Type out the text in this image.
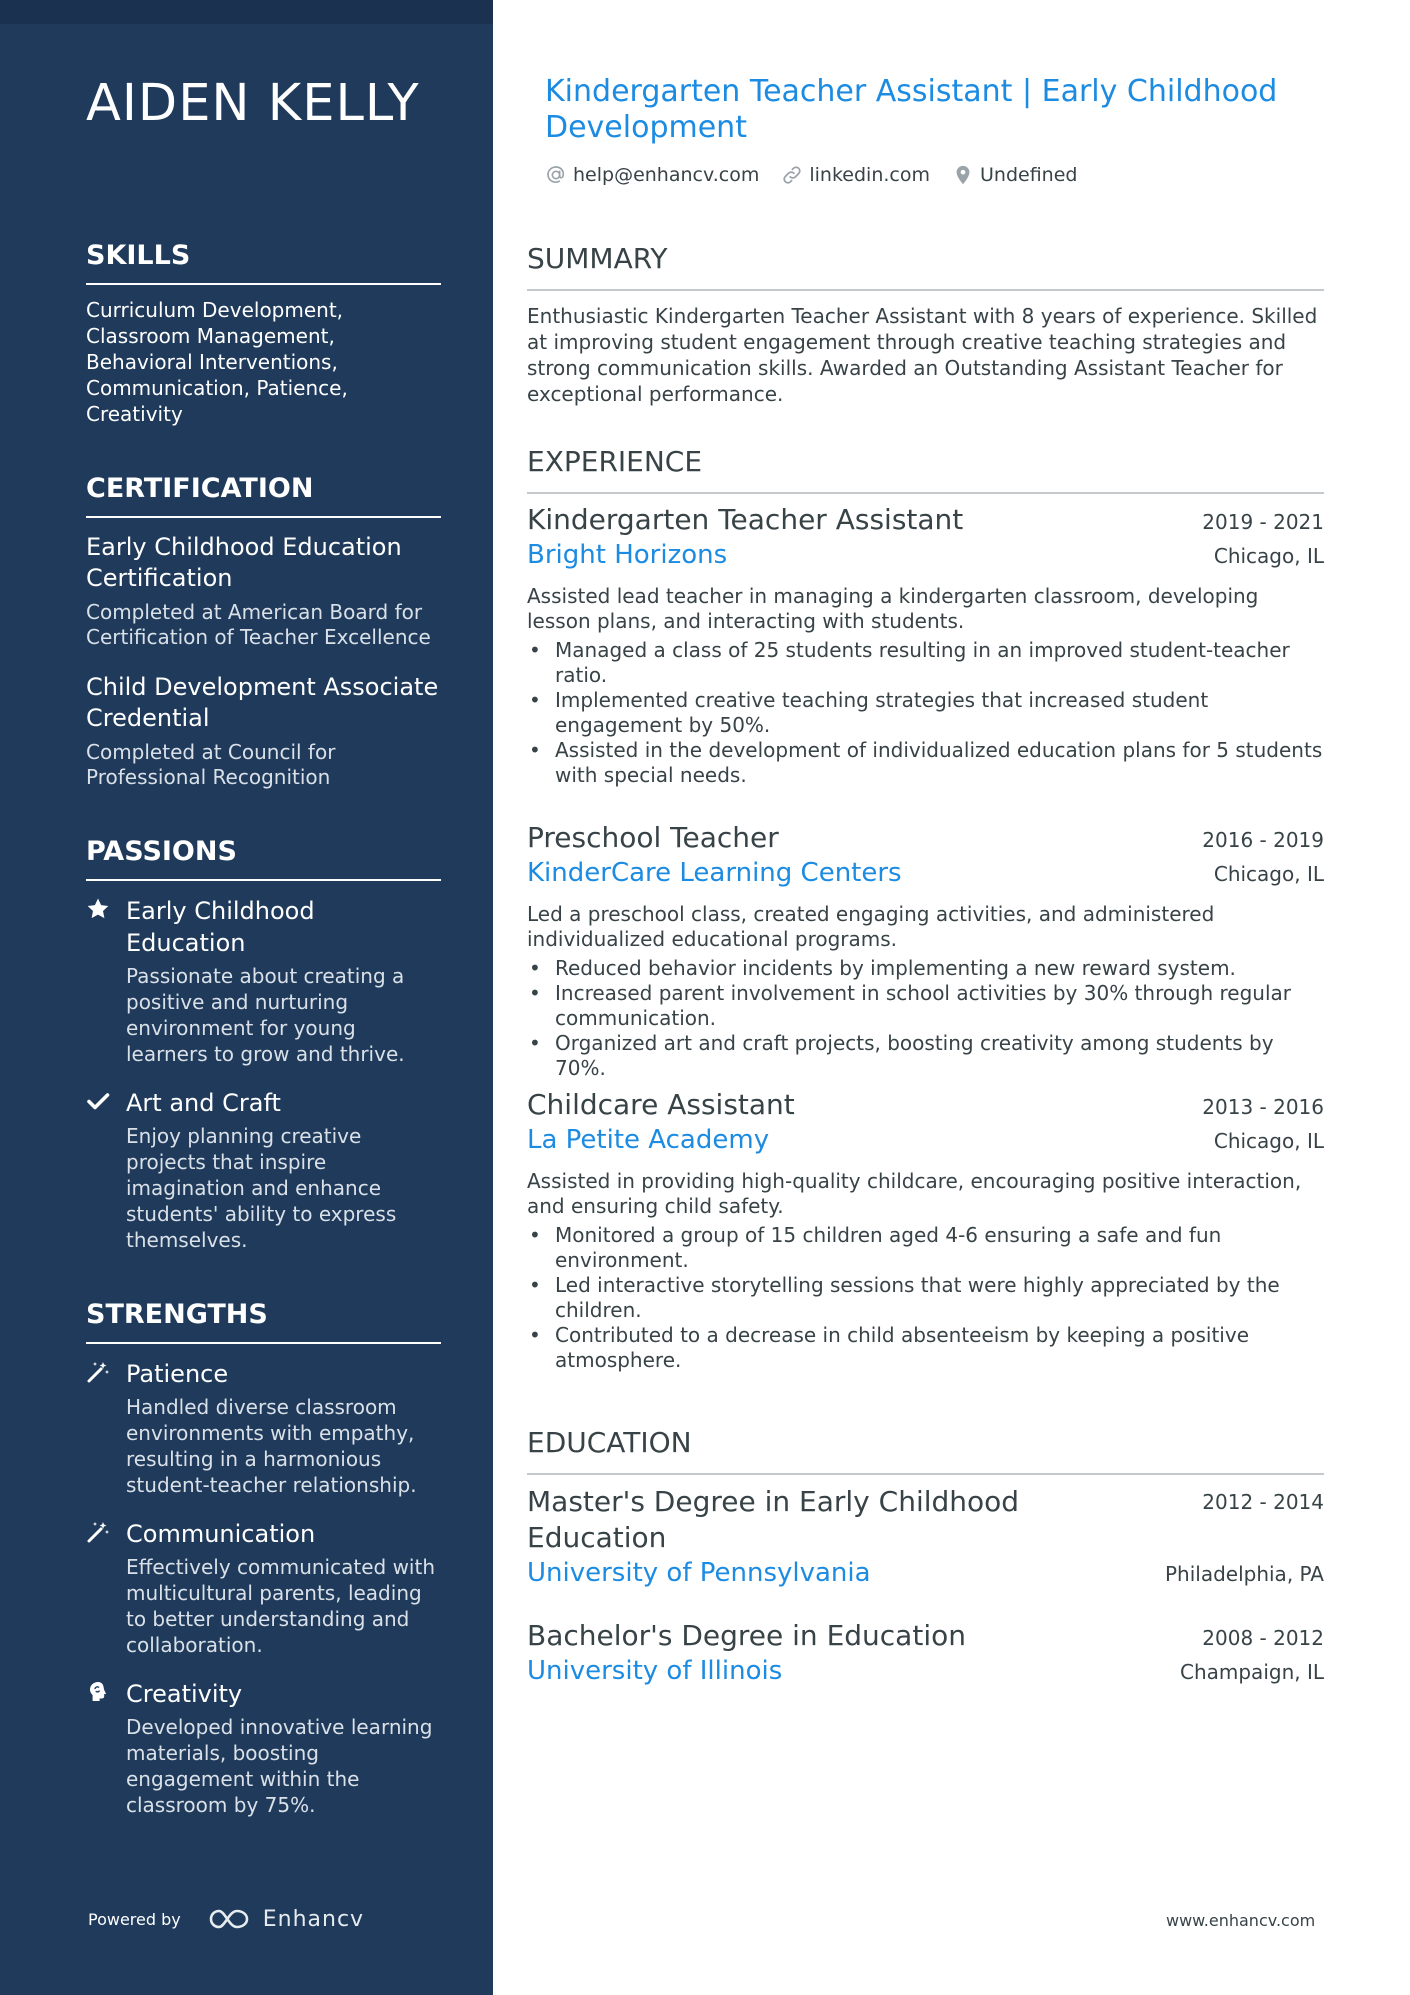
AIDEN KELLY
SKILLS
Curriculum Development, Classroom Management, Behavioral Interventions, Communication, Patience, Creativity
CERTIFICATION
Early Childhood Education Certification
Completed at American Board for Certification of Teacher Excellence
Child Development Associate Credential
Completed at Council for Professional Recognition
PASSIONS
Early Childhood Education
Passionate about creating a positive and nurturing environment for young learners to grow and thrive.
Art and Craft
Enjoy planning creative projects that inspire imagination and enhance students' ability to express themselves.
STRENGTHS
Patience
Handled diverse classroom environments with empathy, resulting in a harmonious student-teacher relationship.
Communication
Effectively communicated with multicultural parents, leading to better understanding and collaboration.
Creativity
Developed innovative learning materials, boosting engagement within the classroom by 75%.
Powered by	Enhancv
Kindergarten Teacher Assistant | Early Childhood Development
help@enhancv.com	linkedin.com	Undefined
SUMMARY
Enthusiastic Kindergarten Teacher Assistant with 8 years of experience. Skilled at improving student engagement through creative teaching strategies and strong communication skills. Awarded an Outstanding Assistant Teacher for exceptional performance.
EXPERIENCE
Kindergarten Teacher Assistant	2019 - 2021
Bright Horizons	Chicago, IL
Assisted lead teacher in managing a kindergarten classroom, developing lesson plans, and interacting with students.
• Managed a class of 25 students resulting in an improved student-teacher ratio.
• Implemented creative teaching strategies that increased student engagement by 50%.
• Assisted in the development of individualized education plans for 5 students with special needs.
Preschool Teacher	2016 - 2019
KinderCare Learning Centers	Chicago, IL
Led a preschool class, created engaging activities, and administered individualized educational programs.
• Reduced behavior incidents by implementing a new reward system.
• Increased parent involvement in school activities by 30% through regular communication.
• Organized art and craft projects, boosting creativity among students by 70%.
Childcare Assistant	2013 - 2016
La Petite Academy	Chicago, IL
Assisted in providing high-quality childcare, encouraging positive interaction, and ensuring child safety.
• Monitored a group of 15 children aged 4-6 ensuring a safe and fun environment.
• Led interactive storytelling sessions that were highly appreciated by the children.
• Contributed to a decrease in child absenteeism by keeping a positive atmosphere.
EDUCATION
Master's Degree in Early Childhood Education
2012 - 2014
University of Pennsylvania	Philadelphia, PA
Bachelor's Degree in Education	2008 - 2012
University of Illinois	Champaign, IL
www.enhancv.com
